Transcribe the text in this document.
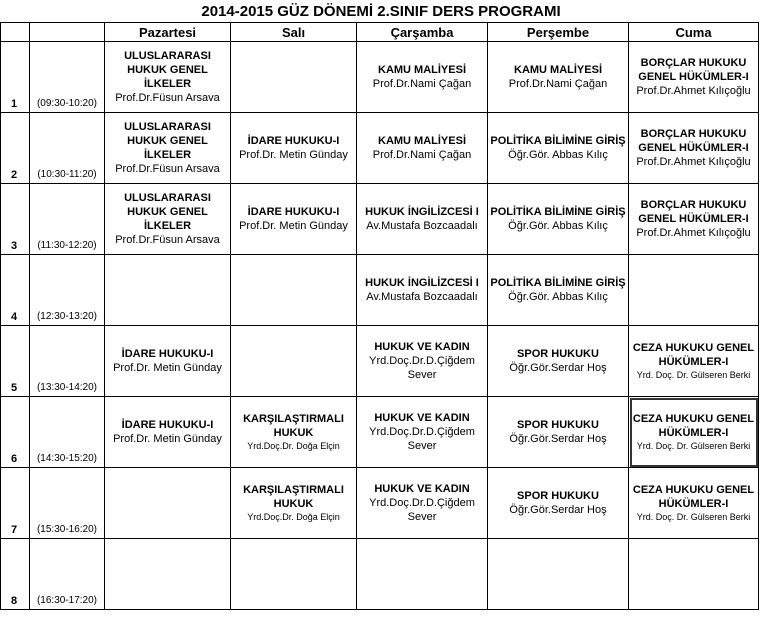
2014-2015 GÜZ DÖNEMİ 2.SINIF DERS PROGRAMI
		Pazartesi	Salı	Çarşamba	Perşembe	Cuma
1	(09:30-10:20)	ULUSLARARASI HUKUK GENEL İLKELER
Prof.Dr.Füsun Arsava		KAMU MALİYESİ
Prof.Dr.Nami Çağan	KAMU MALİYESİ
Prof.Dr.Nami Çağan	BORÇLAR HUKUKU GENEL HÜKÜMLER-I
Prof.Dr.Ahmet Kılıçoğlu

2	(10:30-11:20)	ULUSLARARASI HUKUK GENEL İLKELER
Prof.Dr.Füsun Arsava	İDARE HUKUKU-I
Prof.Dr. Metin Günday	KAMU MALİYESİ
Prof.Dr.Nami Çağan	POLİTİKA BİLİMİNE GİRİŞ
Öğr.Gör. Abbas Kılıç	BORÇLAR HUKUKU GENEL HÜKÜMLER-I
Prof.Dr.Ahmet Kılıçoğlu

3	(11:30-12:20)	ULUSLARARASI HUKUK GENEL İLKELER
Prof.Dr.Füsun Arsava	İDARE HUKUKU-I
Prof.Dr. Metin Günday	HUKUK İNGİLİZCESİ I
Av.Mustafa Bozcaadalı	POLİTİKA BİLİMİNE GİRİŞ
Öğr.Gör. Abbas Kılıç	BORÇLAR HUKUKU GENEL HÜKÜMLER-I
Prof.Dr.Ahmet Kılıçoğlu

4	(12:30-13:20)			HUKUK İNGİLİZCESİ I
Av.Mustafa Bozcaadalı	POLİTİKA BİLİMİNE GİRİŞ
Öğr.Gör. Abbas Kılıç	

5	(13:30-14:20)	İDARE HUKUKU-I
Prof.Dr. Metin Günday		HUKUK VE KADIN
Yrd.Doç.Dr.D.Çiğdem Sever	SPOR HUKUKU
Öğr.Gör.Serdar Hoş	CEZA HUKUKU GENEL HÜKÜMLER-I
Yrd. Doç. Dr. Gülseren Berki

6	(14:30-15:20)	İDARE HUKUKU-I
Prof.Dr. Metin Günday	KARŞILAŞTIRMALI HUKUK
Yrd.Doç.Dr. Doğa Elçin	HUKUK VE KADIN
Yrd.Doç.Dr.D.Çiğdem Sever	SPOR HUKUKU
Öğr.Gör.Serdar Hoş	CEZA HUKUKU GENEL HÜKÜMLER-I
Yrd. Doç. Dr. Gülseren Berki

7	(15:30-16:20)		KARŞILAŞTIRMALI HUKUK
Yrd.Doç.Dr. Doğa Elçin	HUKUK VE KADIN
Yrd.Doç.Dr.D.Çiğdem Sever	SPOR HUKUKU
Öğr.Gör.Serdar Hoş	CEZA HUKUKU GENEL HÜKÜMLER-I
Yrd. Doç. Dr. Gülseren Berki

8	(16:30-17:20)					
